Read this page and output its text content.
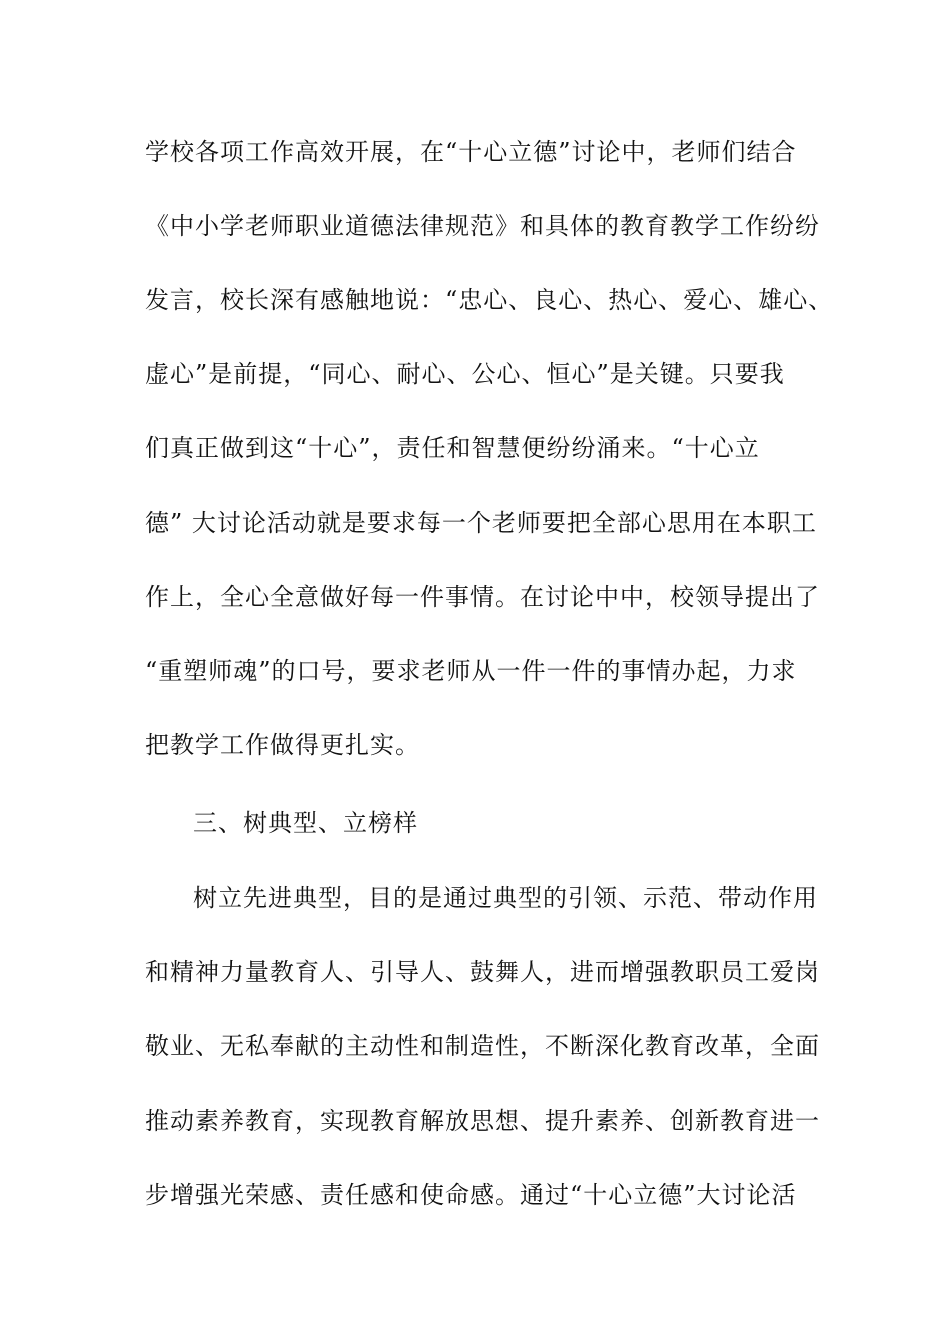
学校各项工作高效开展，在“十心立德”讨论中，老师们结合
《中小学老师职业道德法律规范》和具体的教育教学工作纷纷
发言，校长深有感触地说：“忠心、良心、热心、爱心、雄心、
虚心”是前提，“同心、耐心、公心、恒心”是关键。只要我
们真正做到这“十心”，责任和智慧便纷纷涌来。“十心立
德” 大讨论活动就是要求每一个老师要把全部心思用在本职工
作上，全心全意做好每一件事情。在讨论中中，校领导提出了
“重塑师魂”的口号，要求老师从一件一件的事情办起，力求
把教学工作做得更扎实。
三、树典型、立榜样
树立先进典型，目的是通过典型的引领、示范、带动作用
和精神力量教育人、引导人、鼓舞人，进而增强教职员工爱岗
敬业、无私奉献的主动性和制造性，不断深化教育改革，全面
推动素养教育，实现教育解放思想、提升素养、创新教育进一
步增强光荣感、责任感和使命感。通过“十心立德”大讨论活
